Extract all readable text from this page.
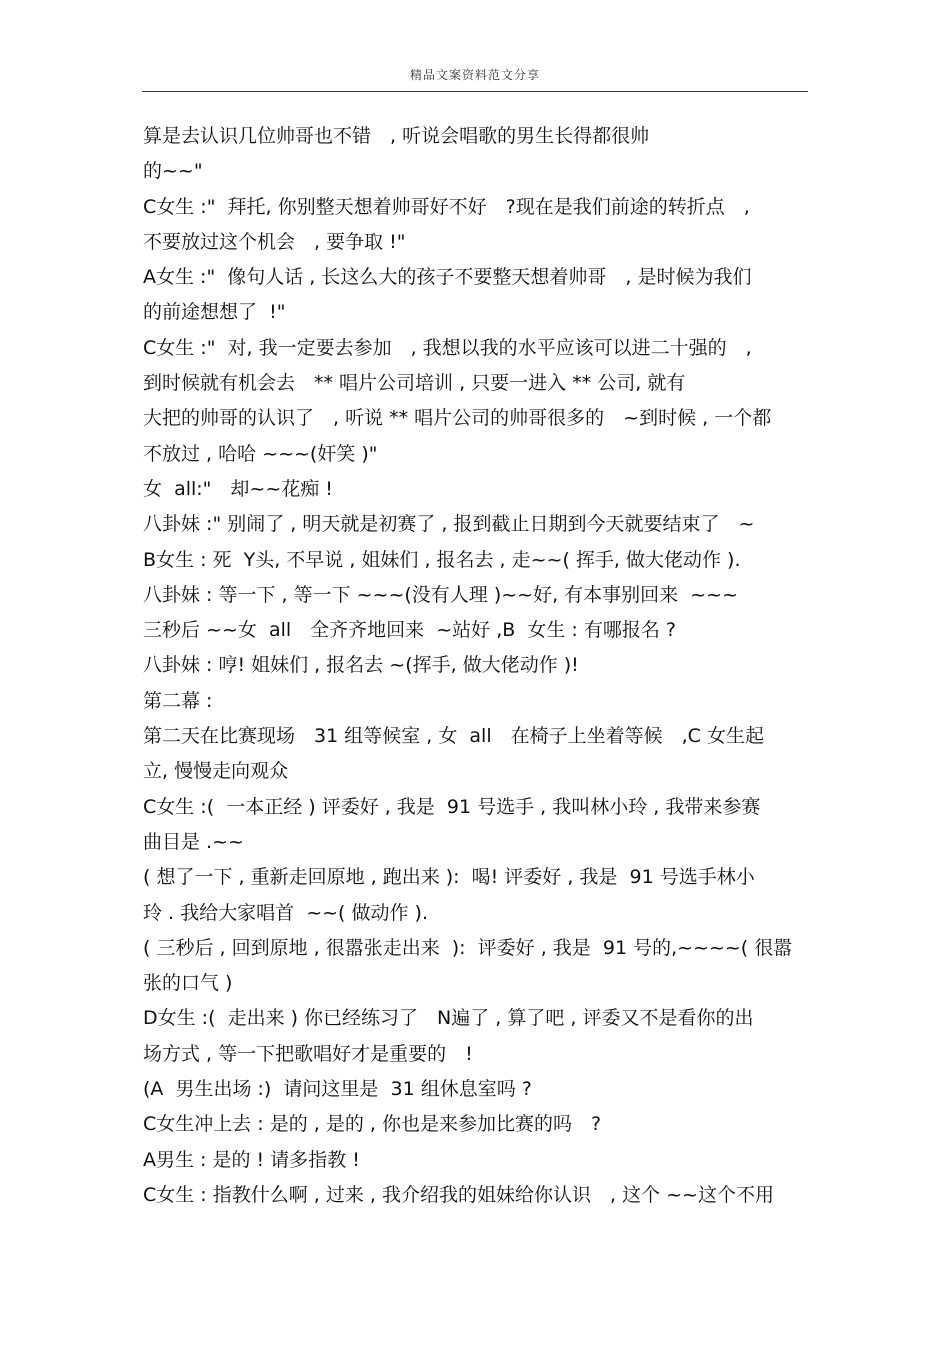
精品文案资料范文分享
算是去认识几位帅哥也不错　, 听说会唱歌的男生长得都很帅
的~~"
C女生 :"  拜托, 你别整天想着帅哥好不好　?现在是我们前途的转折点　,
不要放过这个机会　, 要争取 !"
A女生 :"  像句人话 , 长这么大的孩子不要整天想着帅哥　, 是时候为我们
的前途想想了  !"
C女生 :"  对, 我一定要去参加　, 我想以我的水平应该可以进二十强的　,
到时候就有机会去　** 唱片公司培训 , 只要一进入 ** 公司, 就有
大把的帅哥的认识了　, 听说 ** 唱片公司的帅哥很多的　~到时候 , 一个都
不放过 , 哈哈 ~~~(奸笑 )"
女  all:"　却~~花痴 !
八卦妹 :" 别闹了 , 明天就是初赛了 , 报到截止日期到今天就要结束了　~
B女生 : 死  Y头, 不早说 , 姐妹们 , 报名去 , 走~~( 挥手, 做大佬动作 ).
八卦妹 : 等一下 , 等一下 ~~~(没有人理 )~~好, 有本事别回来  ~~~
三秒后 ~~女  all　全齐齐地回来  ~站好 ,B  女生 : 有哪报名 ?
八卦妹 : 哼! 姐妹们 , 报名去 ~(挥手, 做大佬动作 )!
第二幕 :
第二天在比赛现场　31 组等候室 , 女  all　在椅子上坐着等候　,C 女生起
立, 慢慢走向观众
C女生 :(  一本正经 ) 评委好 , 我是  91 号选手 , 我叫林小玲 , 我带来参赛
曲目是 .~~
( 想了一下 , 重新走回原地 , 跑出来 ):  喝! 评委好 , 我是  91 号选手林小
玲 . 我给大家唱首  ~~( 做动作 ).
( 三秒后 , 回到原地 , 很嚣张走出来  ):  评委好 , 我是  91 号的,~~~~( 很嚣
张的口气 )
D女生 :(  走出来 ) 你已经练习了　N遍了 , 算了吧 , 评委又不是看你的出
场方式 , 等一下把歌唱好才是重要的　!
(A  男生出场 :)  请问这里是  31 组休息室吗 ?
C女生冲上去 : 是的 , 是的 , 你也是来参加比赛的吗　?
A男生 : 是的 ! 请多指教 !
C女生 : 指教什么啊 , 过来 , 我介绍我的姐妹给你认识　, 这个 ~~这个不用
